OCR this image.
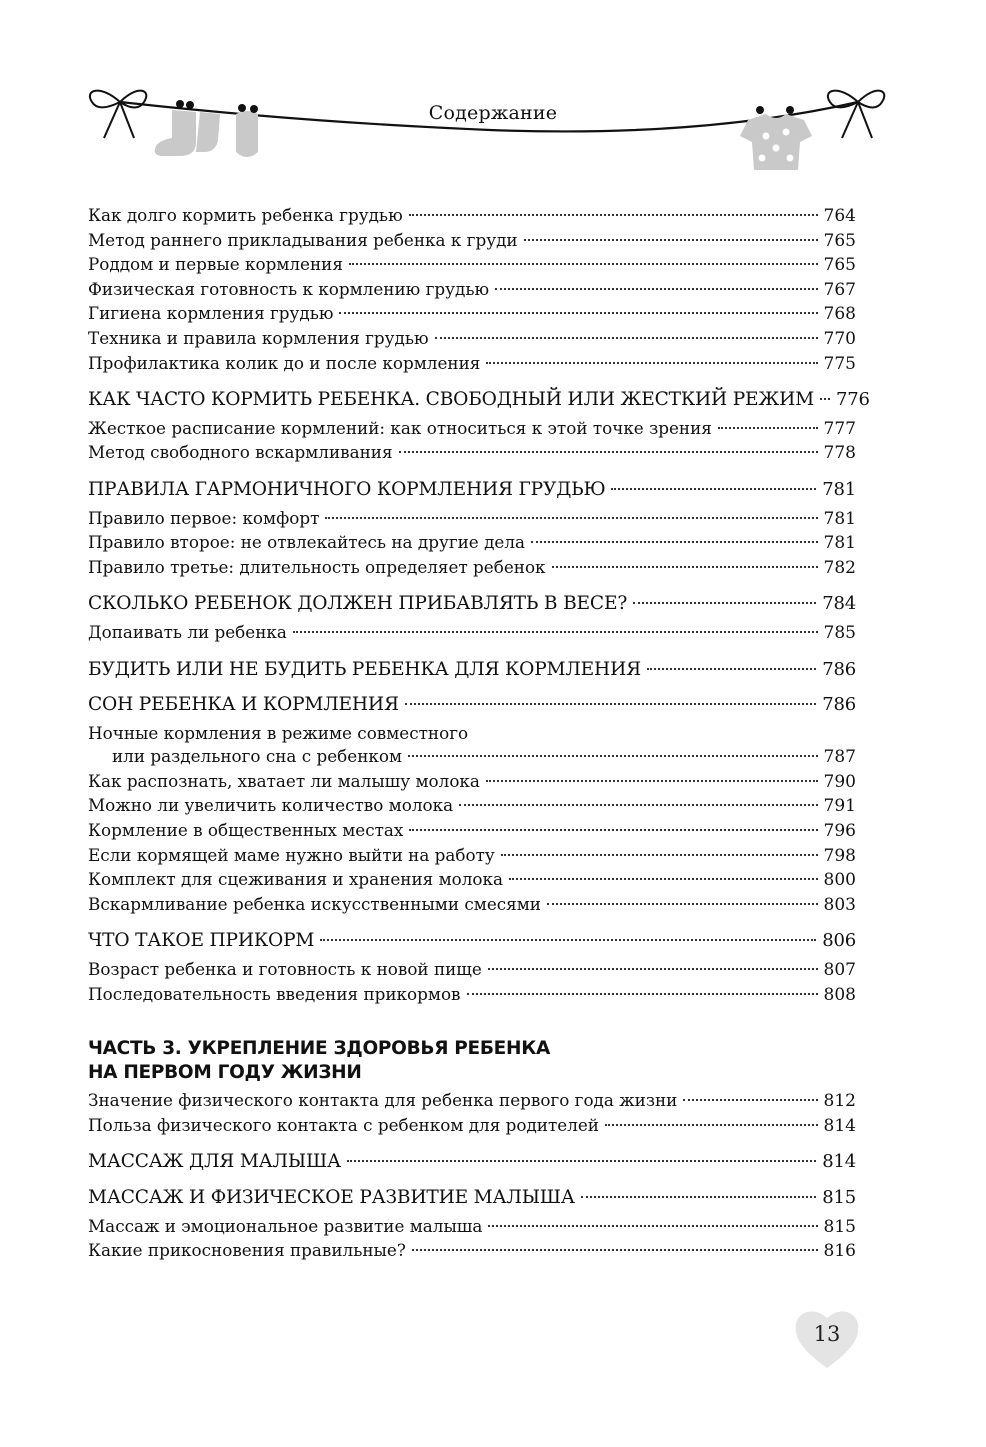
Содержание
Как долго кормить ребенка грудью	764
Метод раннего прикладывания ребенка к груди	765
Роддом и первые кормления	765
Физическая готовность к кормлению грудью	767
Гигиена кормления грудью	768
Техника и правила кормления грудью	770
Профилактика колик до и после кормления	775
КАК ЧАСТО КОРМИТЬ РЕБЕНКА. СВОБОДНЫЙ ИЛИ ЖЕСТКИЙ РЕЖИМ 776
Жесткое расписание кормлений: как относиться к этой точке зрения	777
Метод свободного вскармливания	778
ПРАВИЛА ГАРМОНИЧНОГО КОРМЛЕНИЯ ГРУДЬЮ	781
Правило первое: комфорт	781
Правило второе: не отвлекайтесь на другие дела	781
Правило третье: длительность определяет ребенок	782
СКОЛЬКО РЕБЕНОК ДОЛЖЕН ПРИБАВЛЯТЬ В ВЕСЕ?	784
Допаивать ли ребенка	785
БУДИТЬ ИЛИ НЕ БУДИТЬ РЕБЕНКА ДЛЯ КОРМЛЕНИЯ	786
СОН РЕБЕНКА И КОРМЛЕНИЯ	786
Ночные кормления в режиме совместного
или раздельного сна с ребенком	787
Как распознать, хватает ли малышу молока	790
Можно ли увеличить количество молока	791
Кормление в общественных местах	796
Если кормящей маме нужно выйти на работу	798
Комплект для сцеживания и хранения молока	800
Вскармливание ребенка искусственными смесями	803
ЧТО ТАКОЕ ПРИКОРМ	806
Возраст ребенка и готовность к новой пище	807
Последовательность введения прикормов	808
ЧАСТЬ 3. УКРЕПЛЕНИЕ ЗДОРОВЬЯ РЕБЕНКА
НА ПЕРВОМ ГОДУ ЖИЗНИ
Значение физического контакта для ребенка первого года жизни	812
Польза физического контакта с ребенком для родителей	814
МАССАЖ ДЛЯ МАЛЫША	814
МАССАЖ И ФИЗИЧЕСКОЕ РАЗВИТИЕ МАЛЫША	815
Массаж и эмоциональное развитие малыша	815
Какие прикосновения правильные?	816
13
